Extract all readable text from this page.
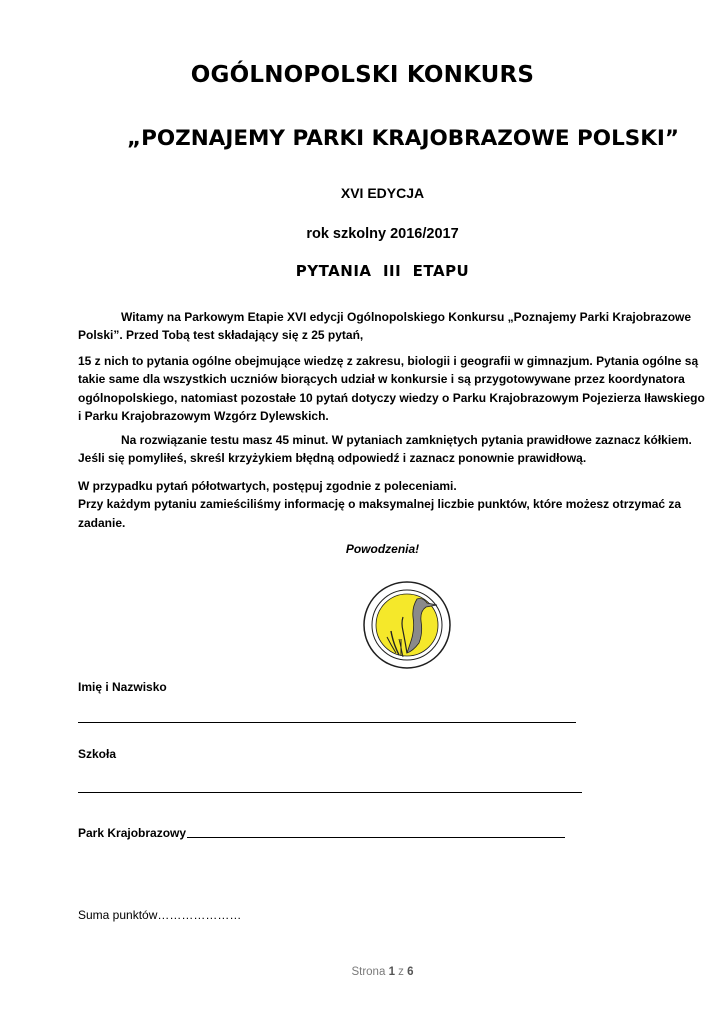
OGÓLNOPOLSKI KONKURS
„POZNAJEMY PARKI KRAJOBRAZOWE POLSKI”
XVI EDYCJA
rok szkolny 2016/2017
PYTANIA  III  ETAPU
Witamy na Parkowym Etapie XVI edycji Ogólnopolskiego Konkursu „Poznajemy Parki Krajobrazowe
Polski”. Przed Tobą test składający się z 25 pytań,
15 z nich to pytania ogólne obejmujące wiedzę z zakresu, biologii i geografii w gimnazjum. Pytania ogólne są
takie same dla wszystkich uczniów biorących udział w konkursie i są przygotowywane przez koordynatora
ogólnopolskiego, natomiast pozostałe 10 pytań dotyczy wiedzy o Parku Krajobrazowym Pojezierza Iławskiego
i Parku Krajobrazowym Wzgórz Dylewskich.
Na rozwiązanie testu masz 45 minut. W pytaniach zamkniętych pytania prawidłowe zaznacz kółkiem.
Jeśli się pomyliłeś, skreśl krzyżykiem błędną odpowiedź i zaznacz ponownie prawidłową.
W przypadku pytań półotwartych, postępuj zgodnie z poleceniami.
Przy każdym pytaniu zamieściliśmy informację o maksymalnej liczbie punktów, które możesz otrzymać za
zadanie.
Powodzenia!
Imię i Nazwisko
Szkoła
Park Krajobrazowy
Suma punktów…………………
Strona 1 z 6
